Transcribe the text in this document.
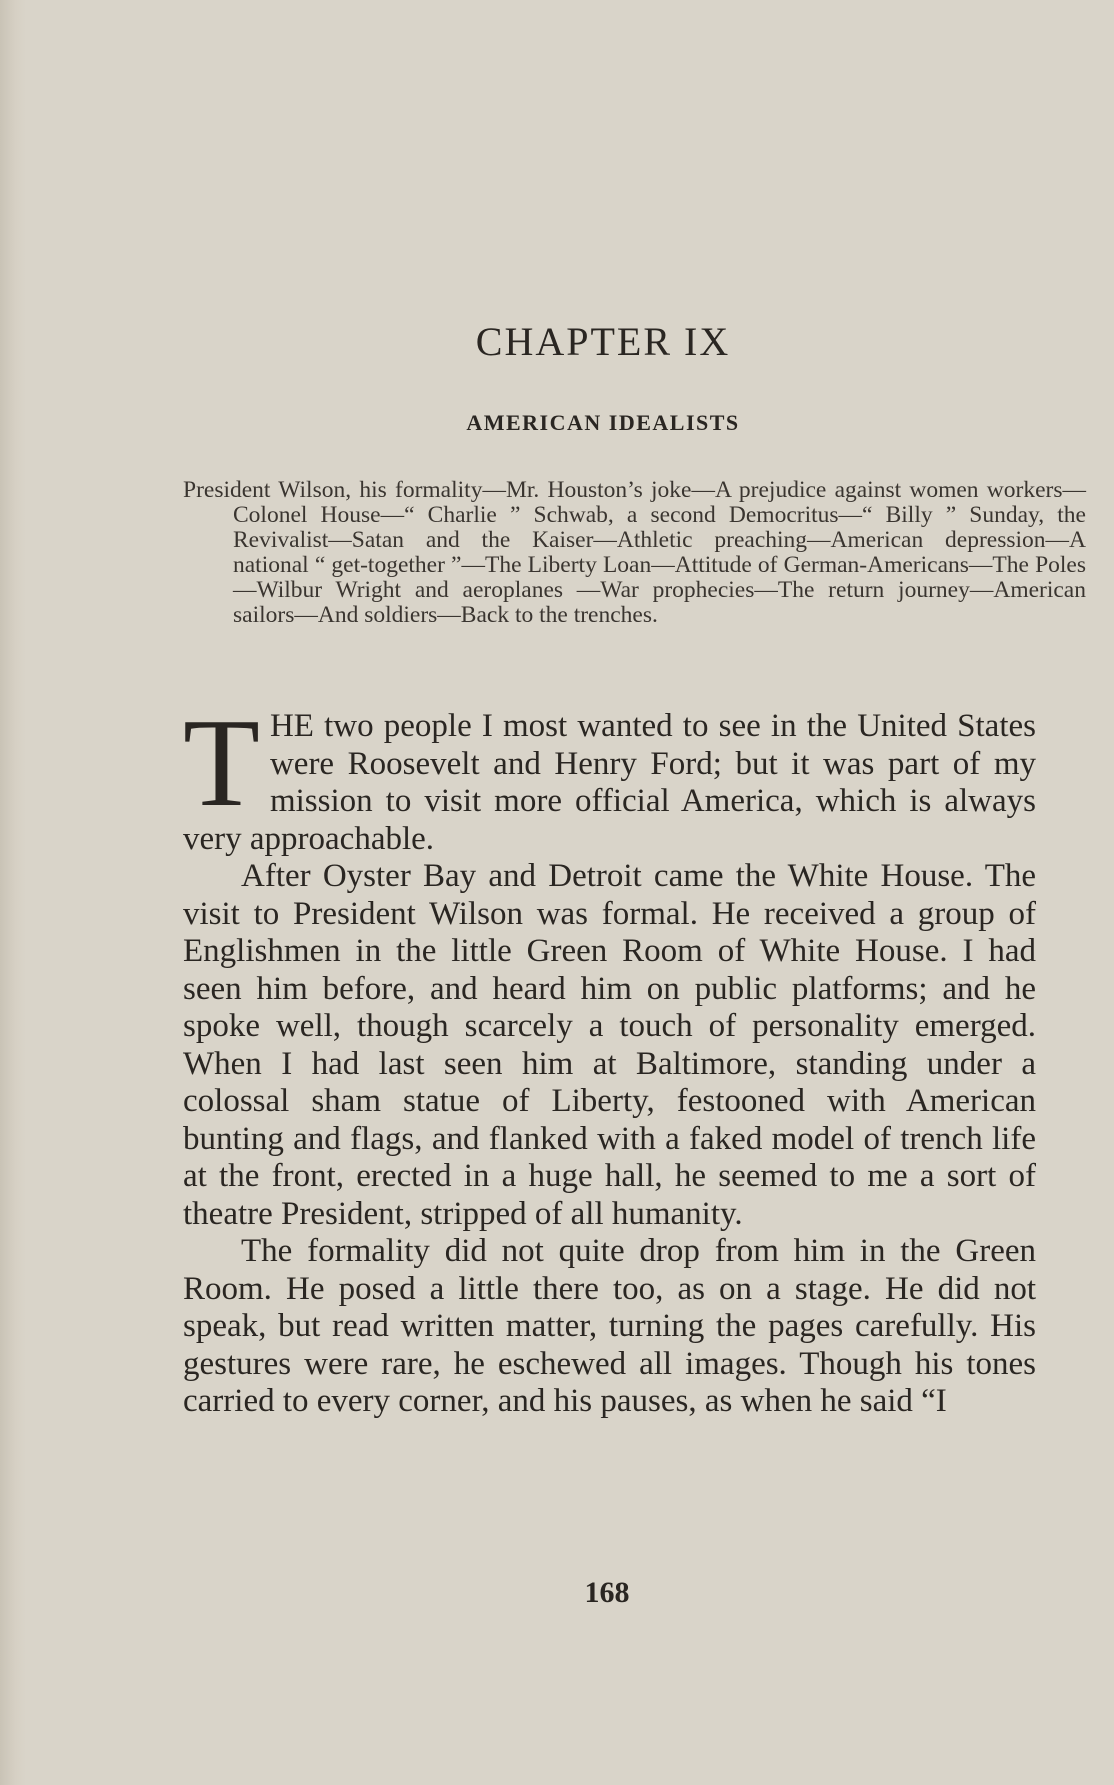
CHAPTER IX
AMERICAN IDEALISTS
President Wilson, his formality—Mr. Houston’s joke—A prejudice against women workers—Colonel House—“ Charlie ” Schwab, a second Democritus—“ Billy ” Sunday, the Revivalist—Satan and the Kaiser—Athletic preaching—American depression—A national “ get-together ”—The Liberty Loan—Attitude of German-Americans—The Poles—Wilbur Wright and aeroplanes —War prophecies—The return journey—American sailors—And soldiers—Back to the trenches.

THE two people I most wanted to see in the United States were Roosevelt and Henry Ford; but it was part of my mission to visit more official America, which is always very approachable.

After Oyster Bay and Detroit came the White House. The visit to President Wilson was formal. He received a group of Englishmen in the little Green Room of White House. I had seen him before, and heard him on public platforms; and he spoke well, though scarcely a touch of personality emerged. When I had last seen him at Baltimore, standing under a colossal sham statue of Liberty, festooned with American bunting and flags, and flanked with a faked model of trench life at the front, erected in a huge hall, he seemed to me a sort of theatre President, stripped of all humanity.

The formality did not quite drop from him in the Green Room. He posed a little there too, as on a stage. He did not speak, but read written matter, turning the pages carefully. His gestures were rare, he eschewed all images. Though his tones carried to every corner, and his pauses, as when he said “I

168
